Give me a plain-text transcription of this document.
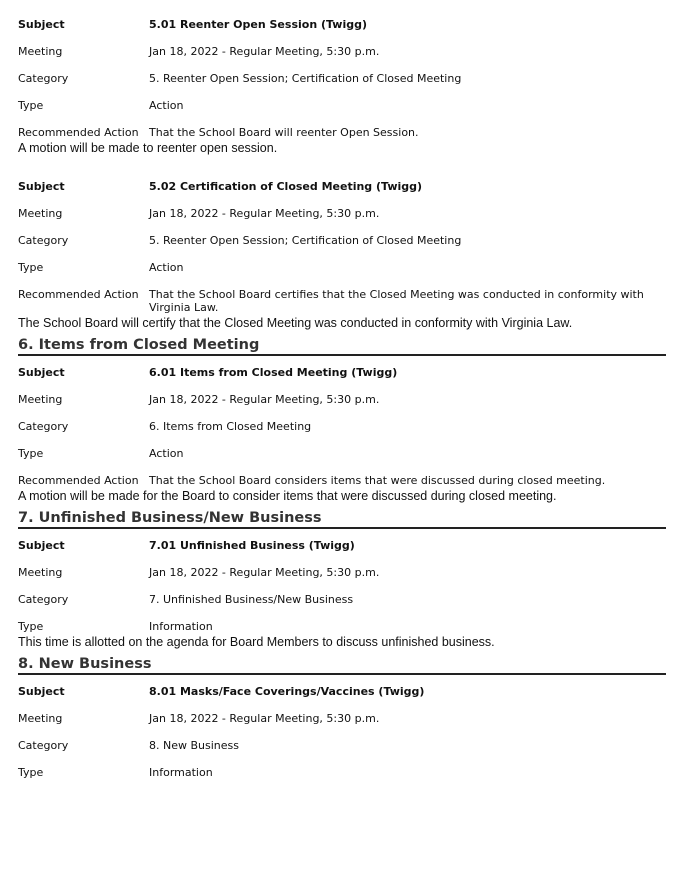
Subject	5.01 Reenter Open Session (Twigg)
Meeting	Jan 18, 2022 - Regular Meeting, 5:30 p.m.
Category	5. Reenter Open Session; Certification of Closed Meeting
Type	Action
Recommended Action	That the School Board will reenter Open Session.

A motion will be made to reenter open session.

Subject	5.02 Certification of Closed Meeting (Twigg)
Meeting	Jan 18, 2022 - Regular Meeting, 5:30 p.m.
Category	5. Reenter Open Session; Certification of Closed Meeting
Type	Action
Recommended Action	That the School Board certifies that the Closed Meeting was conducted in conformity with Virginia Law.

The School Board will certify that the Closed Meeting was conducted in conformity with Virginia Law.

6. Items from Closed Meeting
Subject	6.01 Items from Closed Meeting (Twigg)
Meeting	Jan 18, 2022 - Regular Meeting, 5:30 p.m.
Category	6. Items from Closed Meeting
Type	Action
Recommended Action	That the School Board considers items that were discussed during closed meeting.

A motion will be made for the Board to consider items that were discussed during closed meeting.

7. Unfinished Business/New Business
Subject	7.01 Unfinished Business (Twigg)
Meeting	Jan 18, 2022 - Regular Meeting, 5:30 p.m.
Category	7. Unfinished Business/New Business
Type	Information

This time is allotted on the agenda for Board Members to discuss unfinished business.

8. New Business
Subject	8.01 Masks/Face Coverings/Vaccines (Twigg)
Meeting	Jan 18, 2022 - Regular Meeting, 5:30 p.m.
Category	8. New Business
Type	Information
